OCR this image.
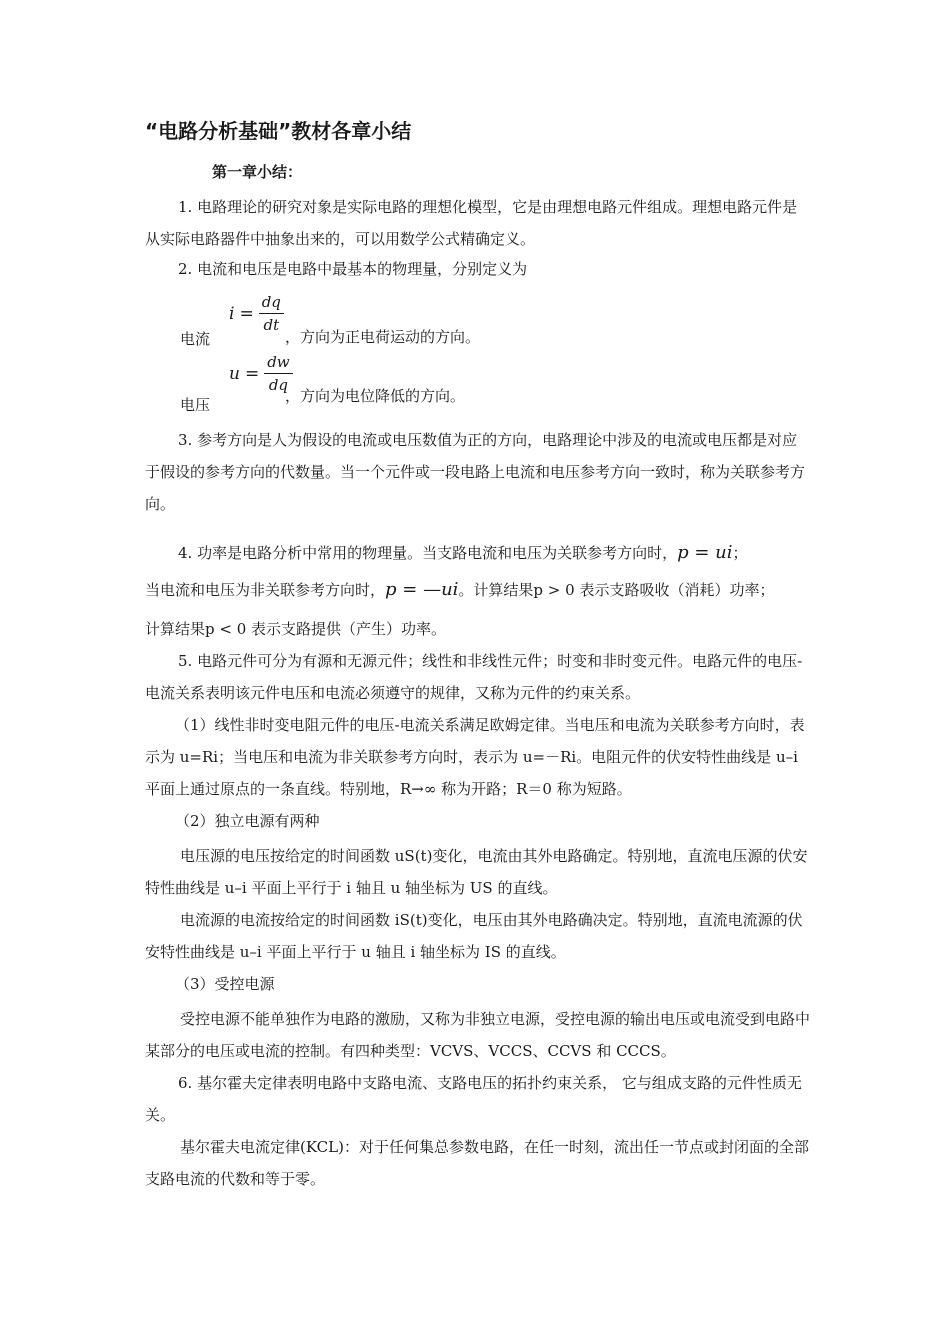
“电路分析基础”教材各章小结
第一章小结：

1. 电路理论的研究对象是实际电路的理想化模型，它是由理想电路元件组成。理想电路元件是从实际电路器件中抽象出来的，可以用数学公式精确定义。

2. 电流和电压是电路中最基本的物理量，分别定义为

$i = \frac{dq}{dt}$
，方向为正电荷运动的方向。
电流
$u = \frac{dw}{dq}$
，方向为电位降低的方向。
电压

3. 参考方向是人为假设的电流或电压数值为正的方向，电路理论中涉及的电流或电压都是对应于假设的参考方向的代数量。当一个元件或一段电路上电流和电压参考方向一致时，称为关联参考方向。

4. 功率是电路分析中常用的物理量。当支路电流和电压为关联参考方向时，p = ui；
当电流和电压为非关联参考方向时，p = —ui。计算结果p > 0 表示支路吸收（消耗）功率；
计算结果p < 0 表示支路提供（产生）功率。

5. 电路元件可分为有源和无源元件；线性和非线性元件；时变和非时变元件。电路元件的电压-电流关系表明该元件电压和电流必须遵守的规律，又称为元件的约束关系。

（1）线性非时变电阻元件的电压-电流关系满足欧姆定律。当电压和电流为关联参考方向时，表示为 u=Ri；当电压和电流为非关联参考方向时，表示为 u=－Ri。电阻元件的伏安特性曲线是 u–i 平面上通过原点的一条直线。特别地，R→∞ 称为开路；R＝0 称为短路。

（2）独立电源有两种

电压源的电压按给定的时间函数 uS(t)变化，电流由其外电路确定。特别地，直流电压源的伏安特性曲线是 u–i 平面上平行于 i 轴且 u 轴坐标为 US 的直线。

电流源的电流按给定的时间函数 iS(t)变化，电压由其外电路确决定。特别地，直流电流源的伏安特性曲线是 u–i 平面上平行于 u 轴且 i 轴坐标为 IS 的直线。

（3）受控电源

受控电源不能单独作为电路的激励，又称为非独立电源，受控电源的输出电压或电流受到电路中某部分的电压或电流的控制。有四种类型：VCVS、VCCS、CCVS 和 CCCS。

6. 基尔霍夫定律表明电路中支路电流、支路电压的拓扑约束关系， 它与组成支路的元件性质无关。

基尔霍夫电流定律(KCL)：对于任何集总参数电路，在任一时刻，流出任一节点或封闭面的全部支路电流的代数和等于零。
